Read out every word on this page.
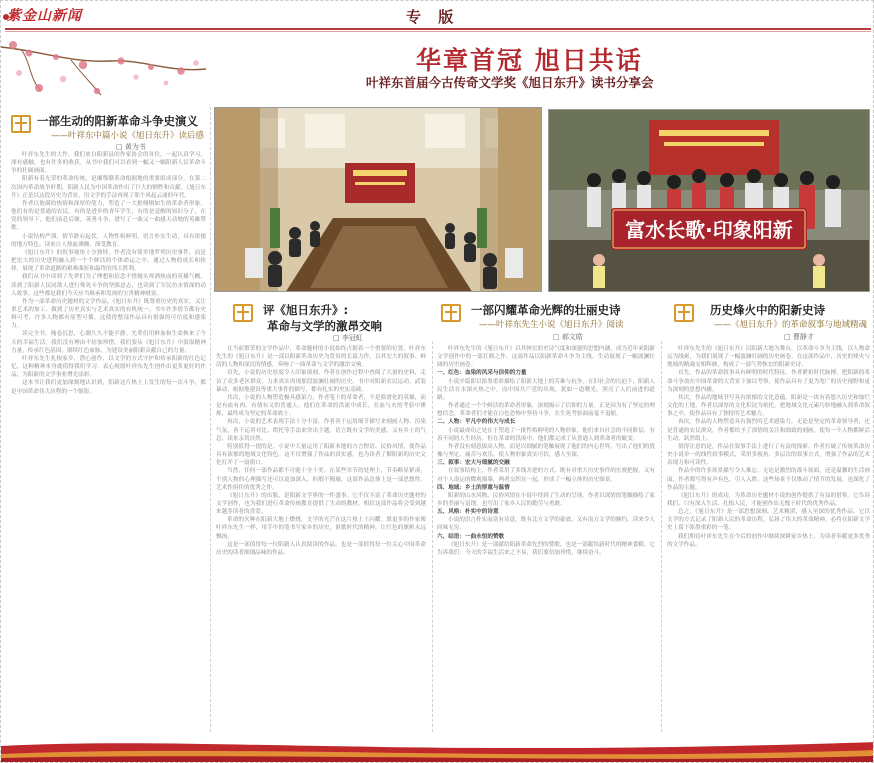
紫金山新闻	专 版
华章首冠 旭日共话
叶祥东首届今古传奇文学奖《旭日东升》读书分享会
富水长歌·印象阳新
一部生动的阳新革命斗争史演义
——叶祥东中篇小说《旭日东升》读后感
□ 黄为书
评《旭日东升》:
革命与文学的激昂交响
□ 李冠虹
一部闪耀革命光辉的壮丽史诗
——叶祥东先生小说《旭日东升》阅读
□ 郝文皓
历史烽火中的阳新史诗
——《旭日东升》的革命叙事与地域精魂
□ 曹静才

叶祥东先生的大作，我们来自阳新县的作家协会的各位，一起认真学习，深有感触，也有许多的收获。从书中我们可以看到一幅又一幅阳新人民革命斗争的壮阔画面。

阳新有着光荣的革命传统，是湘鄂赣革命根据地的重要组成部分，在第二次国内革命战争时期，阳新人民为中国革命作出了巨大的牺牲和贡献。《旭日东升》正是以这段历史为背景，用文学的手法再现了那个风起云涌的年代。

作者以饱满的热情和深厚的笔力，塑造了一大批栩栩如生的革命者形象。他们有的是普通的农民，有的是进步的青年学生，有的是觉醒的知识分子，在党的领导下，他们前赴后继，英勇斗争，谱写了一曲又一曲感天动地的英雄赞歌。

小说结构严谨，情节跌宕起伏，人物性格鲜明，语言朴实生动，具有浓郁的地方特色。读来让人热血沸腾，深受教育。

《旭日东升》的叙事视角十分独特。作者没有简单地罗列历史事件，而是把宏大的历史进程融入到一个个鲜活的个体命运之中，通过人物的成长和抉择，展现了革命道路的艰难曲折和最终的伟大胜利。

我们从书中读到了先辈们为了理想和信念不惜抛头颅洒热血的英雄气概，读到了阳新人民同敌人进行殊死斗争的坚强意志，也读到了军民鱼水情深的动人故事。这些都是我们今天应当继承和发扬的宝贵精神财富。

作为一部革命历史题材的文学作品，《旭日东升》既尊重历史的真实，又注重艺术的加工，做到了历史真实与艺术真实的有机统一。书中许多情节都有史料可考，许多人物都有原型可循，这使得整部作品具有很强的可信度和感染力。

读完全书，掩卷沉思，心潮久久不能平静。先辈们用鲜血和生命换来了今天的幸福生活，我们没有理由不倍加珍惜。我们要从《旭日东升》中汲取精神力量，传承红色基因，赓续红色血脉，为建设美丽阳新贡献自己的力量。

叶祥东先生扎根家乡，潜心创作，以文学的方式守护和传承阳新的红色记忆，这种精神本身就值得我们学习。衷心祝愿叶祥东先生创作出更多更好的作品，为阳新的文学事业增光添彩。

这本书让我们更加深刻地认识到，阳新这片热土上发生的每一次斗争，都是中国革命伟大历程的一个缩影。

在当前繁荣的文学作品中，革命题材的小说始终占据着一个重要的位置。叶祥东先生的《旭日东升》是一部以阳新革命历史为背景的长篇力作，以其宏大的叙事、鲜活的人物和深沉的情感，奏响了一曲革命与文学的激昂交响。

首先，小说的历史厚度令人印象深刻。作者在创作过程中查阅了大量的史料，走访了众多老区群众，力求真实再现那段波澜壮阔的历史。书中对阳新农民运动、武装暴动、根据地建设等重大事件的描写，都有扎实的史实基础。

其次，小说的人物塑造极具感染力。作者笔下的革命者，不是脸谱化的英雄，而是有血有肉、有情有义的普通人。他们在革命的洪流中成长，在血与火的考验中锤炼，最终成为坚定的革命战士。

再次，小说的艺术表现手法十分丰富。作者善于运用细节描写来刻画人物、渲染气氛，善于运用对比、烘托等手法来突出主题，语言既有文学的美感，又有乡土的气息，读来亲切自然。

特别值得一提的是，小说中大量运用了阳新本地的方言俚语、民俗风情，使作品具有浓郁的地域文化特色。这不仅增强了作品的真实感，也为读者了解阳新的历史文化打开了一扇窗口。

当然，任何一部作品都不可能十全十美。在某些章节的处理上，节奏略显紧凑，个别人物的心理描写还可以更加深入。但瑕不掩瑜，这部作品总体上是一部思想性、艺术性俱佳的优秀之作。

《旭日东升》的出版，是阳新文学界的一件盛事。它不仅丰富了革命历史题材的文学创作，也为我们进行革命传统教育提供了生动的教材。相信这部作品将会受到越来越多读者的喜爱。

革命的火种在阳新大地上燃烧，文学的光芒在这片热土上闪耀。愿更多的作家像叶祥东先生一样，用手中的笔书写家乡的历史，讴歌时代的精神，让红色的旗帜永远飘扬。

这是一部值得每一位阳新人认真阅读的作品，也是一部值得每一位关心中国革命历史的读者细细品味的作品。

叶祥东先生的《旭日东升》以其恢宏的史诗气度和深邃的思想内涵，成为近年来阳新文学创作中的一部扛鼎之作。这部作品以阳新革命斗争为主线，生动展现了一幅波澜壮阔的历史画卷。

一、红色：血染的风采与信仰的力量

小说开篇即以浓墨重彩描绘了阳新大地上的苦难与抗争。在旧社会的压迫下，阳新人民生活在水深火热之中，而中国共产党的出现，犹如一道曙光，照亮了人们前进的道路。

作者通过一个个鲜活的革命者形象，深刻揭示了信仰的力量。正是因为有了坚定的理想信念，革命者们才能在白色恐怖中坚持斗争，在生死考验面前毫不退缩。

二、人物：平凡中的伟大与成长

小说最成功之处在于塑造了一批性格鲜明的人物形象。他们来自社会的不同阶层，有着不同的人生经历，但在革命的洪流中，他们都完成了从普通人到革命者的蜕变。

作者没有刻意拔高人物，而是以细腻的笔触展现了他们的内心世界，写出了他们的犹豫与坚定、痛苦与欢乐，使人物形象真实可信，感人至深。

三、叙事：宏大与细腻的交融

在叙事结构上，作者采用了多线并进的方式，既有对重大历史事件的宏观把握，又有对个人命运的微观描摹，两者交织在一起，形成了一幅立体的历史图景。

四、地域：乡土的厚重与温情

阳新的山水风物、民俗风情在小说中得到了生动的呈现。作者以深情的笔触描绘了家乡的美丽与富饶，也写出了家乡人民的勤劳与勇敢。

五、风格：朴实中的诗意

小说的语言朴实而富有诗意，既有北方文学的豪放，又有南方文学的婉约，读来令人回味无穷。

六、结语：一曲永恒的赞歌

《旭日东升》是一部献给阳新革命先烈的赞歌，也是一部献给新时代的精神食粮。它告诉我们：今天的幸福生活来之不易，我们要倍加珍惜，继续奋斗。

叶祥东先生的《旭日东升》以阳新大地为舞台，以革命斗争为主线，以人物命运为线索，为我们展现了一幅波澜壮阔的历史画卷。在这部作品中，历史的烽火与地域的精魂交相辉映，构成了一部气势恢宏的阳新史诗。

首先，作品的革命叙事具有鲜明的时代特征。作者紧扣时代脉搏，把阳新的革命斗争放在中国革命的大背景下加以考察，使作品具有了更为宽广的历史视野和更为深刻的思想内涵。

其次，作品的地域书写具有浓郁的文化意蕴。阳新是一块有着悠久历史和灿烂文化的土地，作者以深厚的文化积淀为依托，把地域文化元素巧妙地融入到革命叙事之中，使作品具有了独特的艺术魅力。

再次，作品的人物塑造具有强烈的艺术感染力。无论是坚定的革命领导者，还是普通的农民群众，作者都给予了深情的关注和细致的刻画，使每一个人物都鲜活生动，跃然纸上。

值得注意的是，作品在叙事手法上进行了有益的探索。作者打破了传统革命历史小说单一的线性叙事模式，采用多视角、多层次的叙事方式，增强了作品的艺术表现力和可读性。

作品中的许多场景描写令人难忘。无论是激烈的战斗场面，还是温馨的生活画面，作者都写得有声有色，引人入胜。这些场景不仅推动了情节的发展，也深化了作品的主题。

《旭日东升》的成功，为革命历史题材小说的创作提供了有益的借鉴。它告诉我们，只有深入生活、扎根人民，才能创作出无愧于时代的优秀作品。

总之，《旭日东升》是一部思想深刻、艺术精湛、感人至深的优秀作品。它以文学的方式记录了阳新人民的革命历程，弘扬了伟大的革命精神，必将在阳新文学史上留下浓墨重彩的一笔。

我们期待叶祥东先生在今后的创作中继续深耕家乡热土，为读者奉献更多优秀的文学作品。
